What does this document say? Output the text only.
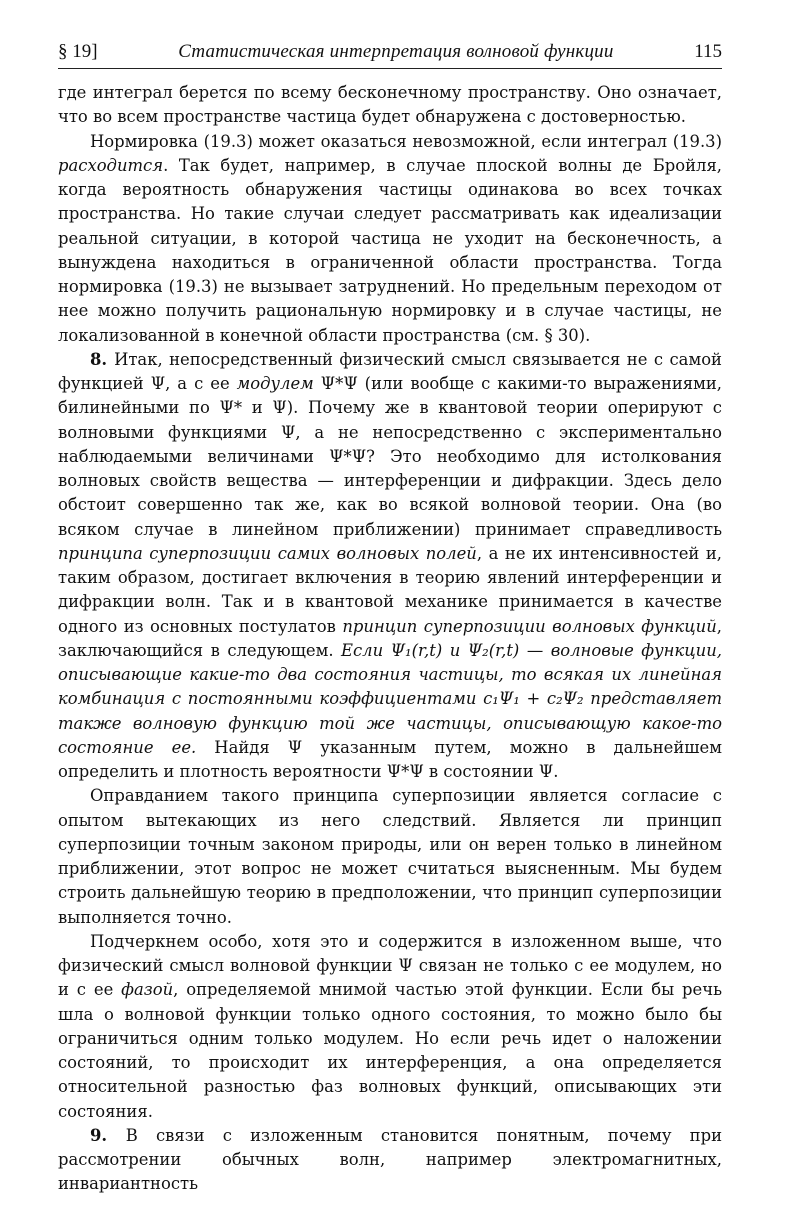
§ 19]	Статистическая интерпретация волновой функции	115

где интеграл берется по всему бесконечному пространству. Оно означает, что во всем пространстве частица будет обнаружена с достоверностью.

Нормировка (19.3) может оказаться невозможной, если интеграл (19.3) расходится. Так будет, например, в случае плоской волны де Бройля, когда вероятность обнаружения частицы одинакова во всех точках пространства. Но такие случаи следует рассматривать как идеализации реальной ситуации, в которой частица не уходит на бесконечность, а вынуждена находиться в ограниченной области пространства. Тогда нормировка (19.3) не вызывает затруднений. Но предельным переходом от нее можно получить рациональную нормировку и в случае частицы, не локализованной в конечной области пространства (см. § 30).

8. Итак, непосредственный физический смысл связывается не с самой функцией Ψ, а с ее модулем Ψ*Ψ (или вообще с какими-то выражениями, билинейными по Ψ* и Ψ). Почему же в квантовой теории оперируют с волновыми функциями Ψ, а не непосредственно с экспериментально наблюдаемыми величинами Ψ*Ψ? Это необходимо для истолкования волновых свойств вещества — интерференции и дифракции. Здесь дело обстоит совершенно так же, как во всякой волновой теории. Она (во всяком случае в линейном приближении) принимает справедливость принципа суперпозиции самих волновых полей, а не их интенсивностей и, таким образом, достигает включения в теорию явлений интерференции и дифракции волн. Так и в квантовой механике принимается в качестве одного из основных постулатов принцип суперпозиции волновых функций, заключающийся в следующем. Если Ψ₁(r,t) и Ψ₂(r,t) — волновые функции, описывающие какие-то два состояния частицы, то всякая их линейная комбинация с постоянными коэффициентами c₁Ψ₁ + c₂Ψ₂ представляет также волновую функцию той же частицы, описывающую какое-то состояние ее. Найдя Ψ указанным путем, можно в дальнейшем определить и плотность вероятности Ψ*Ψ в состоянии Ψ.

Оправданием такого принципа суперпозиции является согласие с опытом вытекающих из него следствий. Является ли принцип суперпозиции точным законом природы, или он верен только в линейном приближении, этот вопрос не может считаться выясненным. Мы будем строить дальнейшую теорию в предположении, что принцип суперпозиции выполняется точно.

Подчеркнем особо, хотя это и содержится в изложенном выше, что физический смысл волновой функции Ψ связан не только с ее модулем, но и с ее фазой, определяемой мнимой частью этой функции. Если бы речь шла о волновой функции только одного состояния, то можно было бы ограничиться одним только модулем. Но если речь идет о наложении состояний, то происходит их интерференция, а она определяется относительной разностью фаз волновых функций, описывающих эти состояния.

9. В связи с изложенным становится понятным, почему при рассмотрении обычных волн, например электромагнитных, инвариантность
